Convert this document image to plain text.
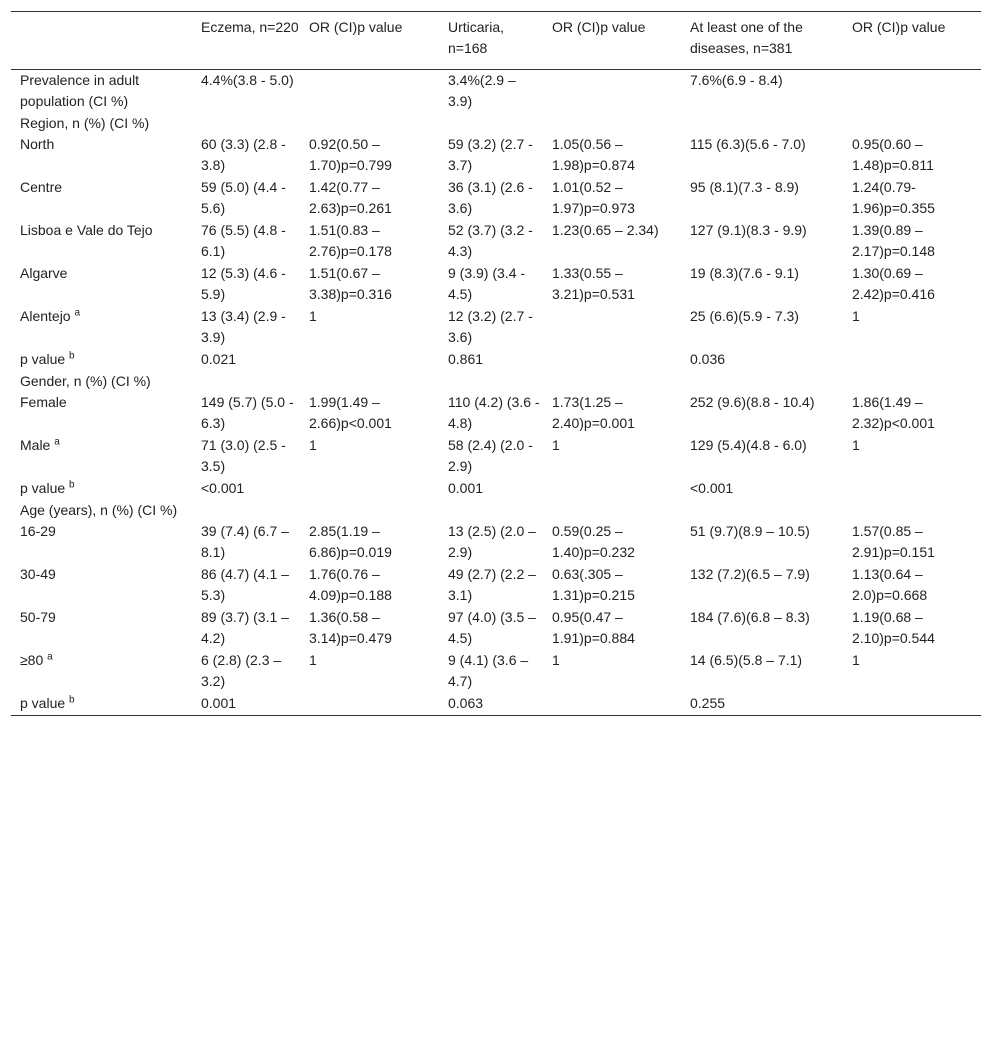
	Eczema, n=220	OR (CI)p value	Urticaria, n=168	OR (CI)p value	At least one of the diseases, n=381	OR (CI)p value
Prevalence in adult population (CI %)	4.4%(3.8 - 5.0)		3.4%(2.9 – 3.9)		7.6%(6.9 - 8.4)	
Region, n (%) (CI %)						
North	60 (3.3) (2.8 - 3.8)	0.92(0.50 – 1.70)p=0.799	59 (3.2) (2.7 - 3.7)	1.05(0.56 – 1.98)p=0.874	115 (6.3)(5.6 - 7.0)	0.95(0.60 – 1.48)p=0.811
Centre	59 (5.0) (4.4 - 5.6)	1.42(0.77 – 2.63)p=0.261	36 (3.1) (2.6 - 3.6)	1.01(0.52 – 1.97)p=0.973	95 (8.1)(7.3 - 8.9)	1.24(0.79- 1.96)p=0.355
Lisboa e Vale do Tejo	76 (5.5) (4.8 - 6.1)	1.51(0.83 – 2.76)p=0.178	52 (3.7) (3.2 - 4.3)	1.23(0.65 – 2.34)	127 (9.1)(8.3 - 9.9)	1.39(0.89 – 2.17)p=0.148
Algarve	12 (5.3) (4.6 - 5.9)	1.51(0.67 – 3.38)p=0.316	9 (3.9) (3.4 - 4.5)	1.33(0.55 – 3.21)p=0.531	19 (8.3)(7.6 - 9.1)	1.30(0.69 – 2.42)p=0.416
Alentejo $^a$	13 (3.4) (2.9 - 3.9)	1	12 (3.2) (2.7 - 3.6)		25 (6.6)(5.9 - 7.3)	1
p value $^b$	0.021		0.861		0.036	
Gender, n (%) (CI %)						
Female	149 (5.7) (5.0 - 6.3)	1.99(1.49 – 2.66)p<0.001	110 (4.2) (3.6 - 4.8)	1.73(1.25 – 2.40)p=0.001	252 (9.6)(8.8 - 10.4)	1.86(1.49 – 2.32)p<0.001
Male $^a$	71 (3.0) (2.5 - 3.5)	1	58 (2.4) (2.0 - 2.9)	1	129 (5.4)(4.8 - 6.0)	1
p value $^b$	<0.001		0.001		<0.001	
Age (years), n (%) (CI %)						
16-29	39 (7.4) (6.7 – 8.1)	2.85(1.19 – 6.86)p=0.019	13 (2.5) (2.0 – 2.9)	0.59(0.25 – 1.40)p=0.232	51 (9.7)(8.9 – 10.5)	1.57(0.85 – 2.91)p=0.151
30-49	86 (4.7) (4.1 – 5.3)	1.76(0.76 – 4.09)p=0.188	49 (2.7) (2.2 – 3.1)	0.63(.305 – 1.31)p=0.215	132 (7.2)(6.5 – 7.9)	1.13(0.64 – 2.0)p=0.668
50-79	89 (3.7) (3.1 – 4.2)	1.36(0.58 – 3.14)p=0.479	97 (4.0) (3.5 – 4.5)	0.95(0.47 – 1.91)p=0.884	184 (7.6)(6.8 – 8.3)	1.19(0.68 – 2.10)p=0.544
≥80 $^a$	6 (2.8) (2.3 – 3.2)	1	9 (4.1) (3.6 – 4.7)	1	14 (6.5)(5.8 – 7.1)	1
p value $^b$	0.001		0.063		0.255	
